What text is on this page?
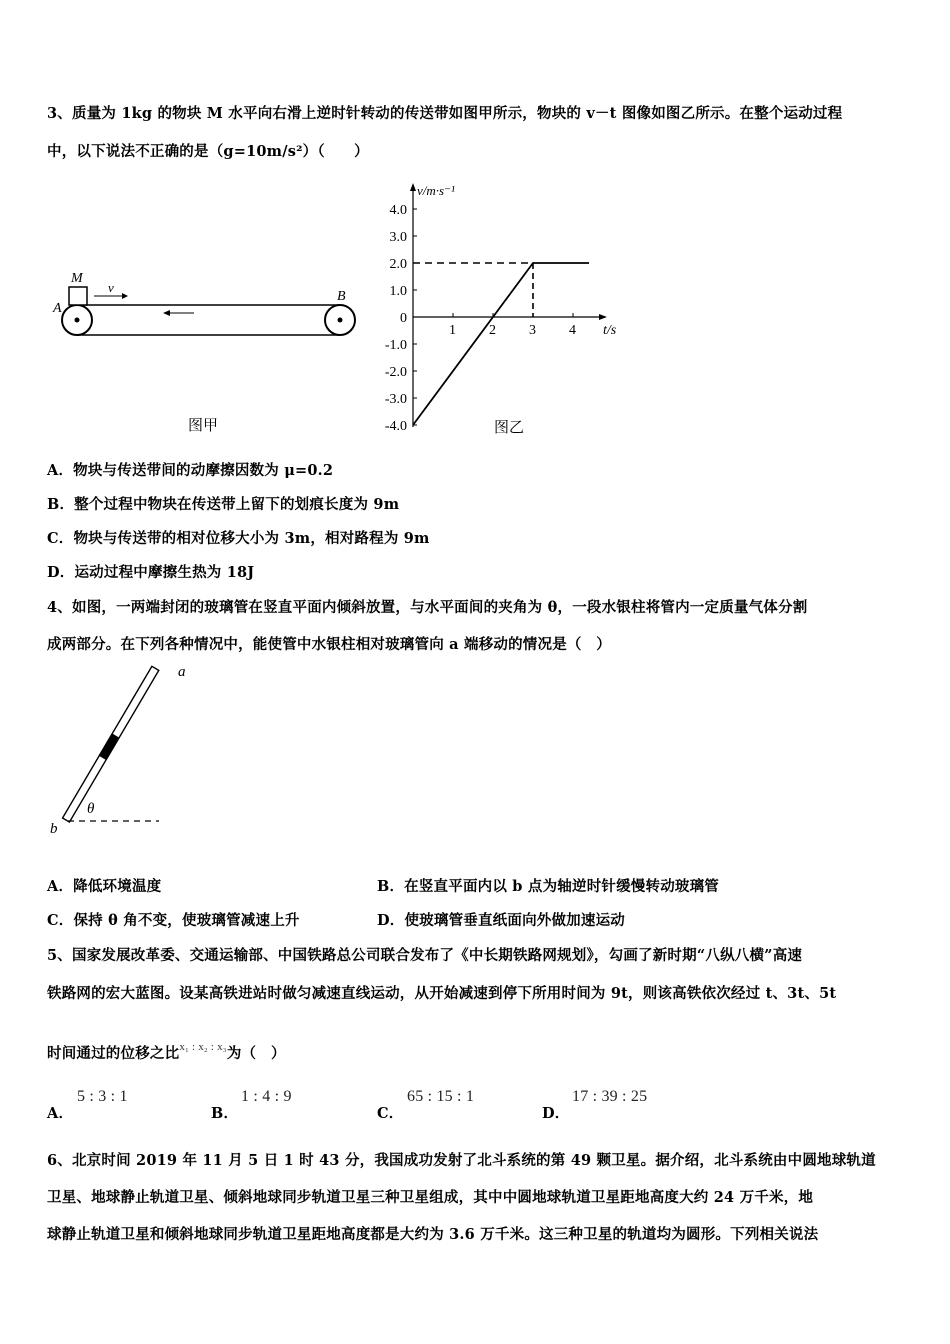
3、质量为 1kg 的物块 M 水平向右滑上逆时针转动的传送带如图甲所示，物块的 v－t 图像如图乙所示。在整个运动过程
中，以下说法不正确的是（g=10m/s²）（　　）
M
v
A
B
图甲
4.0
3.0
2.0
1.0
0
-1.0
-2.0
-3.0
-4.0
1 2 3 4
v/m·s⁻¹
t/s
图乙
A．物块与传送带间的动摩擦因数为 μ=0.2
B．整个过程中物块在传送带上留下的划痕长度为 9m
C．物块与传送带的相对位移大小为 3m，相对路程为 9m
D．运动过程中摩擦生热为 18J
4、如图，一两端封闭的玻璃管在竖直平面内倾斜放置，与水平面间的夹角为 θ，一段水银柱将管内一定质量气体分割
成两部分。在下列各种情况中，能使管中水银柱相对玻璃管向 a 端移动的情况是（　）
a
b
θ
A．降低环境温度	B．在竖直平面内以 b 点为轴逆时针缓慢转动玻璃管
C．保持 θ 角不变，使玻璃管减速上升	D．使玻璃管垂直纸面向外做加速运动
5、国家发展改革委、交通运输部、中国铁路总公司联合发布了《中长期铁路网规划》，勾画了新时期“八纵八横”高速
铁路网的宏大蓝图。设某高铁进站时做匀减速直线运动，从开始减速到停下所用时间为 9t，则该高铁依次经过 t、3t、5t
时间通过的位移之比$^{x_1 : x_2 : x_3}$为（　）
A．
5 : 3 : 1
B．
1 : 4 : 9
C．
65 : 15 : 1
D．
17 : 39 : 25
6、北京时间 2019 年 11 月 5 日 1 时 43 分，我国成功发射了北斗系统的第 49 颗卫星。据介绍，北斗系统由中圆地球轨道
卫星、地球静止轨道卫星、倾斜地球同步轨道卫星三种卫星组成，其中中圆地球轨道卫星距地高度大约 24 万千米，地
球静止轨道卫星和倾斜地球同步轨道卫星距地高度都是大约为 3.6 万千米。这三种卫星的轨道均为圆形。下列相关说法
